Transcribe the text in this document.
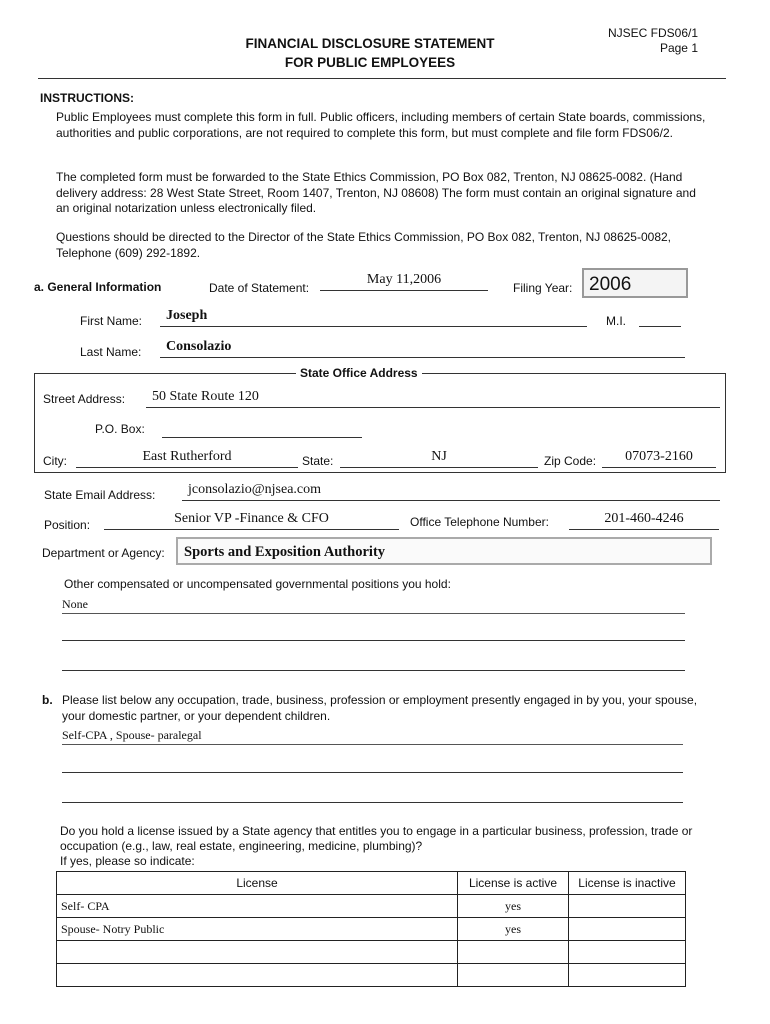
NJSEC FDS06/1
Page 1
FINANCIAL DISCLOSURE STATEMENT
FOR PUBLIC EMPLOYEES
INSTRUCTIONS:
Public Employees must complete this form in full. Public officers, including members of certain State boards, commissions, authorities and public corporations, are not required to complete this form, but must complete and file form FDS06/2.
The completed form must be forwarded to the State Ethics Commission, PO Box 082, Trenton, NJ 08625-0082. (Hand delivery address: 28 West State Street, Room 1407, Trenton, NJ 08608) The form must contain an original signature and an original notarization unless electronically filed.
Questions should be directed to the Director of the State Ethics Commission, PO Box 082, Trenton, NJ 08625-0082, Telephone (609) 292-1892.
a. General Information	Date of Statement:
May 11,2006
Filing Year: 2006
First Name:	Joseph	M.I.
Last Name:	Consolazio
State Office Address
Street Address:	50 State Route 120
P.O. Box:
City:	East Rutherford	State:	NJ	Zip Code:	07073-2160
State Email Address:	jconsolazio@njsea.com
Position:	Senior VP -Finance & CFO	Office Telephone Number:	201-460-4246
Department or Agency: Sports and Exposition Authority
Other compensated or uncompensated governmental positions you hold:
None
b. Please list below any occupation, trade, business, profession or employment presently engaged in by you, your spouse, your domestic partner, or your dependent children.
Self-CPA , Spouse- paralegal
Do you hold a license issued by a State agency that entitles you to engage in a particular business, profession, trade or occupation (e.g., law, real estate, engineering, medicine, plumbing)?
If yes, please so indicate:
License	License is active	License is inactive
Self- CPA	yes	
Spouse- Notry Public	yes	
